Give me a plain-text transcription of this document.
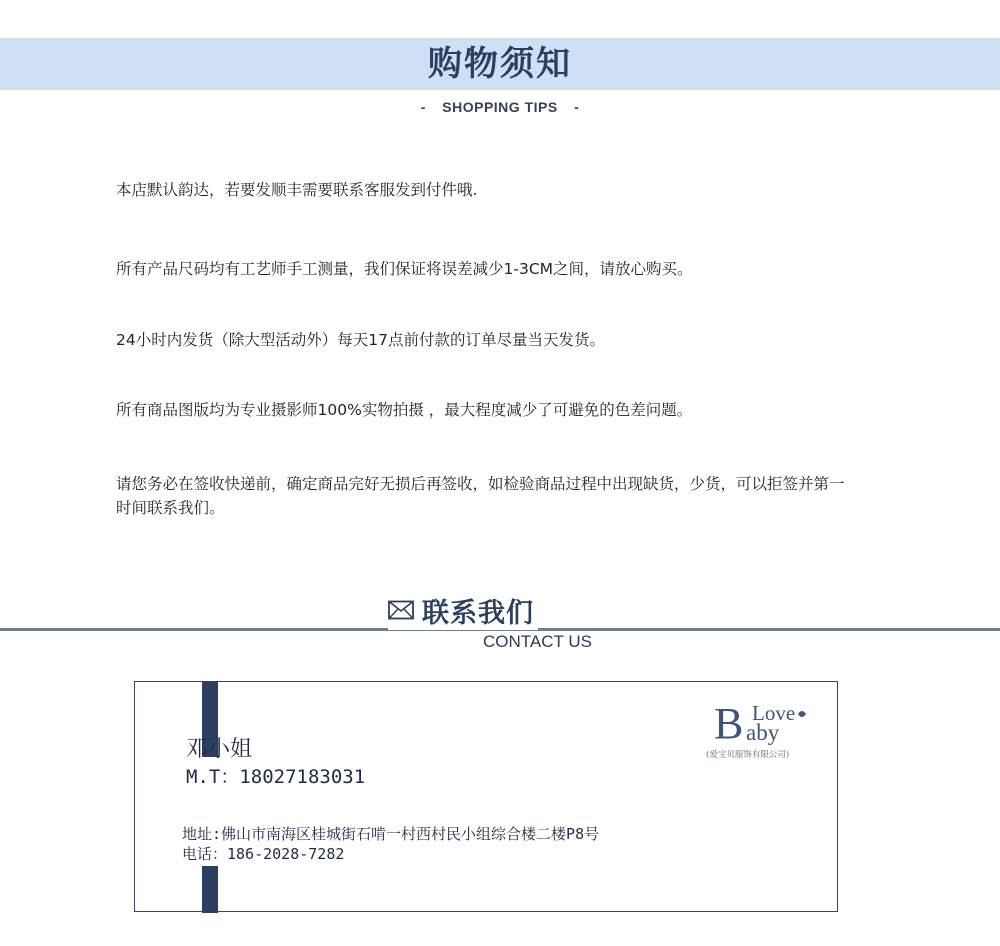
购物须知
- SHOPPING TIPS -
本店默认韵达，若要发顺丰需要联系客服发到付件哦.
所有产品尺码均有工艺师手工测量，我们保证将误差减少1-3CM之间，请放心购买。
24小时内发货（除大型活动外）每天17点前付款的订单尽量当天发货。
所有商品图版均为专业摄影师100%实物拍摄 ，最大程度减少了可避免的色差问题。
请您务必在签收快递前，确定商品完好无损后再签收，如检验商品过程中出现缺货，少货，可以拒签并第一时间联系我们。
联系我们
CONTACT US
邓小姐
M.T：18027183031
地址:佛山市南海区桂城街石啃一村西村民小组综合楼二楼P8号
电话：186-2028-7282
B Love
aby
(爱宝贝服饰有限公司)
